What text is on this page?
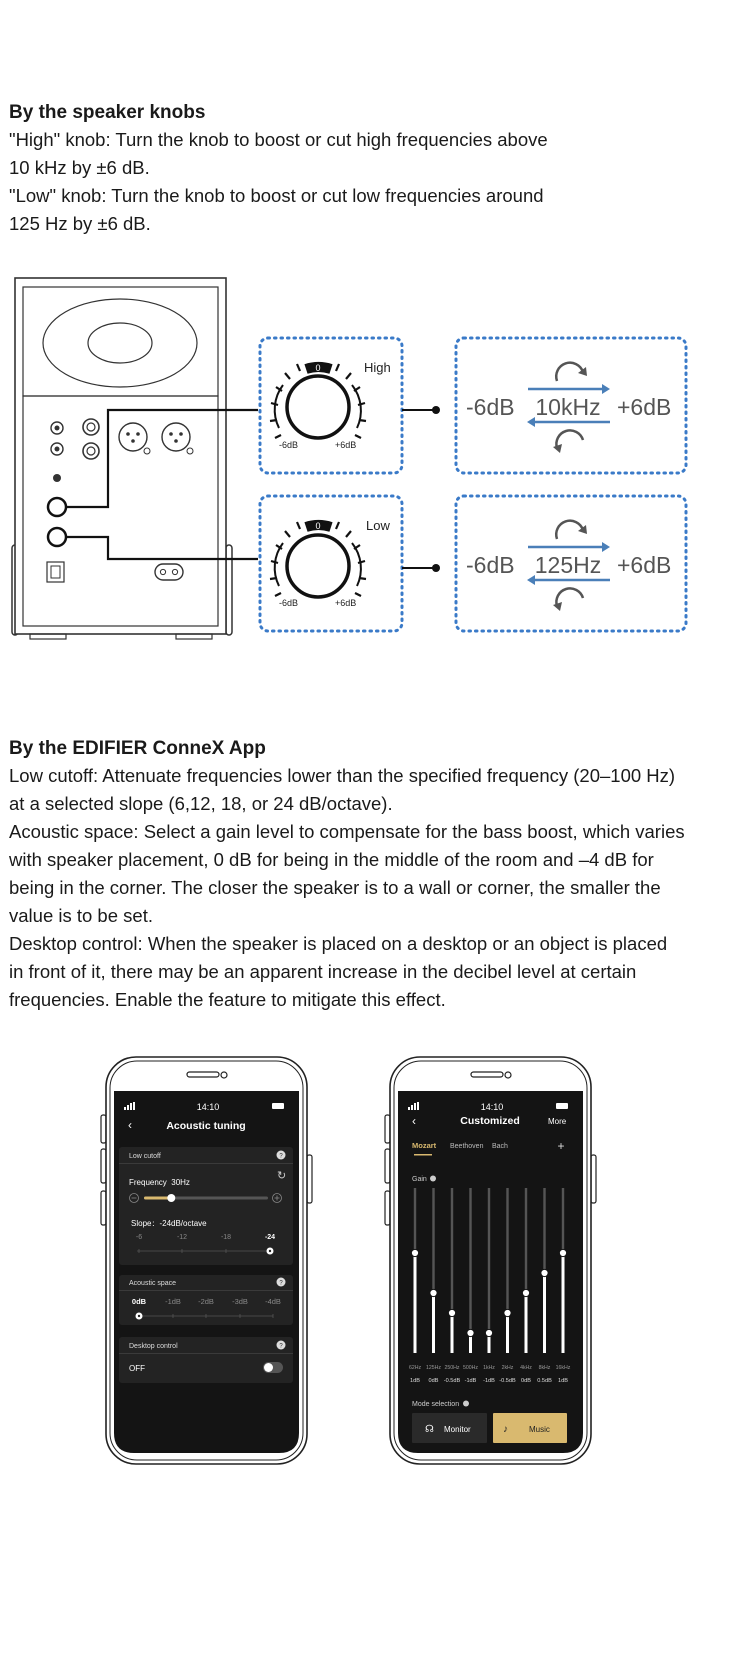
By the speaker knobs
"High" knob: Turn the knob to boost or cut high frequencies above
10 kHz by ±6 dB.
"Low" knob: Turn the knob to boost or cut low frequencies around
125 Hz by ±6 dB.
0	High
-6dB	+6dB
0	Low
-6dB	+6dB
-6dB 10kHz +6dB
-6dB 125Hz +6dB
By the EDIFIER ConneX App
Low cutoff: Attenuate frequencies lower than the specified frequency (20–100 Hz)
at a selected slope (6,12, 18, or 24 dB/octave).
Acoustic space: Select a gain level to compensate for the bass boost, which varies
with speaker placement, 0 dB for being in the middle of the room and –4 dB for
being in the corner. The closer the speaker is to a wall or corner, the smaller the
value is to be set.
Desktop control: When the speaker is placed on a desktop or an object is placed
in front of it, there may be an apparent increase in the decibel level at certain
frequencies. Enable the feature to mitigate this effect.
14:10
‹	Acoustic tuning
Low cutoff	?
↻
Frequency  30Hz
Slope：-24dB/octave
-6	-12	-18	-24
Acoustic space	?
0dB	-1dB -2dB -3dB -4dB
Desktop control	?
OFF
14:10
‹	Customized	More
Mozart Beethoven Bach	+
Gain
62Hz
1dB
125Hz
0dB
250Hz
-0.5dB
500Hz
-1dB
1kHz
-1dB
2kHz
-0.5dB
4kHz
0dB
8kHz
0.5dB
16kHz
1dB
Mode selection
☊ Monitor	♪	Music
